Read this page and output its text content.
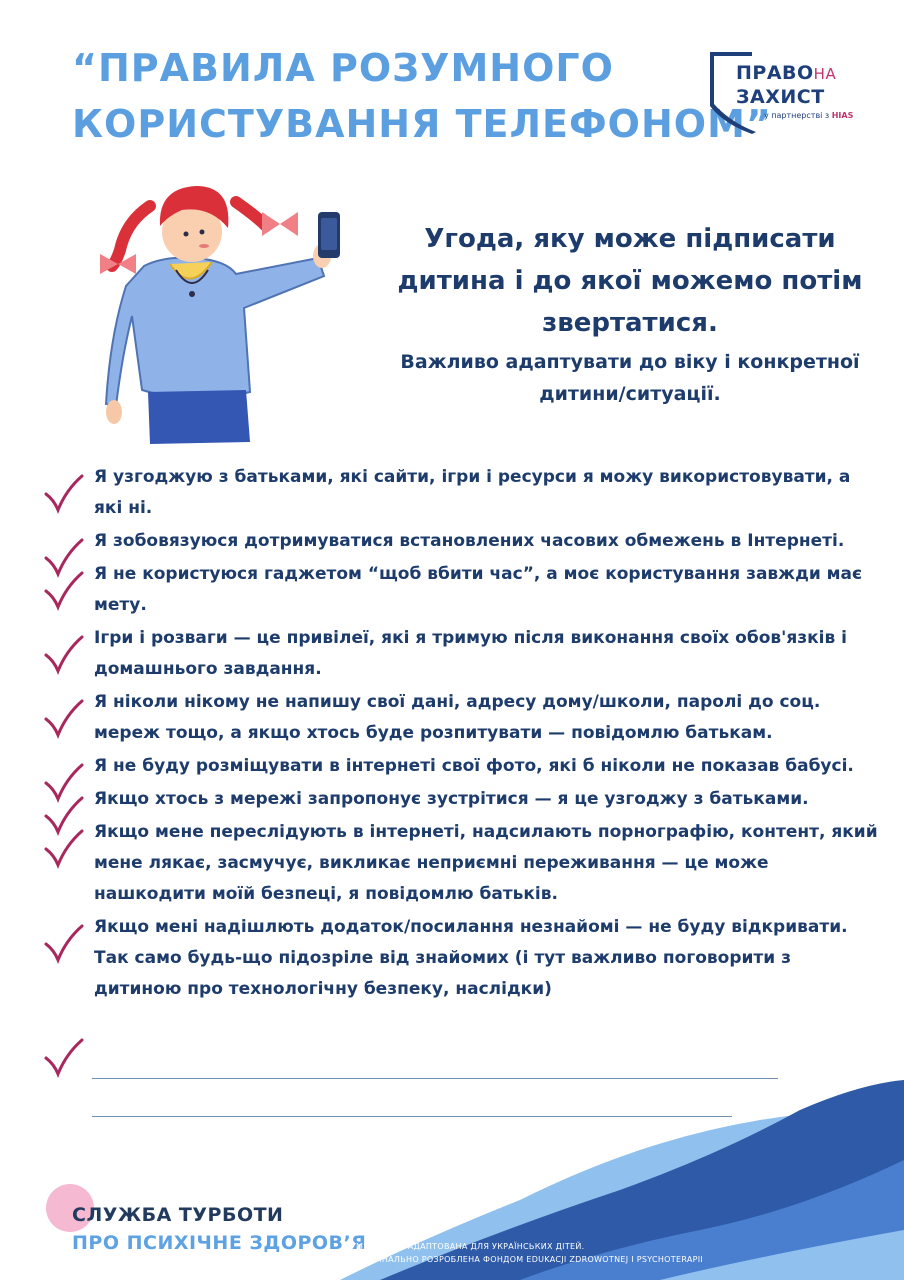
“ПРАВИЛА РОЗУМНОГО
КОРИСТУВАННЯ ТЕЛЕФОНОМ”
ПРАВОНА
ЗАХИСТ
у партнерстві з HIAS
Угода, яку може підписати дитина і до якої можемо потім звертатися.
Важливо адаптувати до віку і конкретної дитини/ситуації.
Я узгоджую з батьками, які сайти, ігри і ресурси я можу використовувати, а які ні.
Я зобовязуюся дотримуватися встановлених часових обмежень в Інтернеті.
Я не користуюся гаджетом “щоб вбити час”, а моє користування завжди має мету.
Ігри і розваги — це привілеї, які я тримую після виконання своїх обов'язків і домашнього завдання.
Я ніколи нікому не напишу свої дані, адресу дому/школи, паролі до соц. мереж тощо, а якщо хтось буде розпитувати — повідомлю батькам.
Я не буду розміщувати в інтернеті свої фото, які б ніколи не показав бабусі.
Якщо хтось з мережі запропонує зустрітися — я це узгоджу з батьками.
Якщо мене переслідують в інтернеті, надсилають порнографію, контент, який мене лякає, засмучує, викликає неприємні переживання — це може нашкодити моїй безпеці, я повідомлю батьків.
Якщо мені надішлють додаток/посилання незнайомі — не буду відкривати. Так само будь-що підозріле від знайомих (і тут важливо поговорити з дитиною про технологічну безпеку, наслідки)
СЛУЖБА ТУРБОТИ
ПРО ПСИХІЧНЕ ЗДОРОВ’Я
МЕТОДИКА АДАПТОВАНА ДЛЯ УКРАЇНСЬКИХ ДІТЕЙ.
ОРИГІНАЛЬНО РОЗРОБЛЕНА ФОНДОМ EDUKACJI ZDROWOTNEJ I PSYCHOTERAPII
